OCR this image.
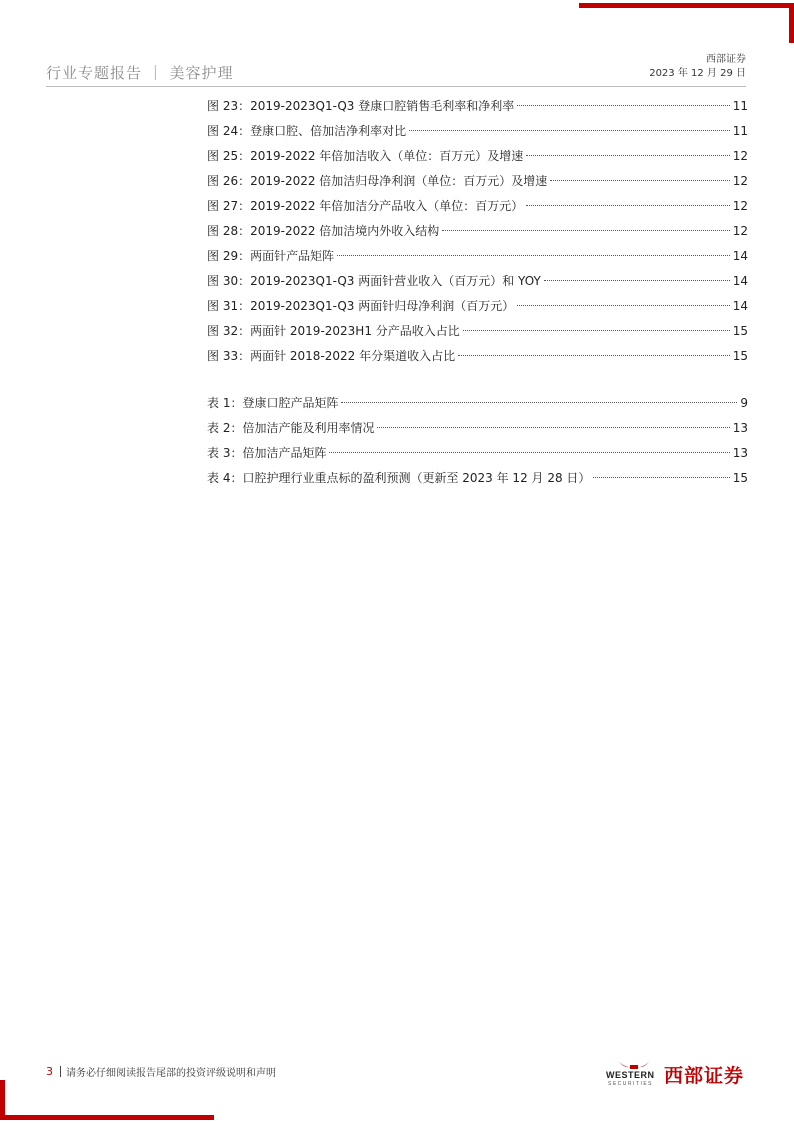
行业专题报告 ｜ 美容护理
西部证券
2023 年 12 月 29 日
图 23：2019-2023Q1-Q3 登康口腔销售毛利率和净利率	11
图 24：登康口腔、倍加洁净利率对比	11
图 25：2019-2022 年倍加洁收入（单位：百万元）及增速	12
图 26：2019-2022 倍加洁归母净利润（单位：百万元）及增速	12
图 27：2019-2022 年倍加洁分产品收入（单位：百万元）	12
图 28：2019-2022 倍加洁境内外收入结构	12
图 29：两面针产品矩阵	14
图 30：2019-2023Q1-Q3 两面针营业收入（百万元）和 YOY	14
图 31：2019-2023Q1-Q3 两面针归母净利润（百万元）	14
图 32：两面针 2019-2023H1 分产品收入占比	15
图 33：两面针 2018-2022 年分渠道收入占比	15
表 1：登康口腔产品矩阵	9
表 2：倍加洁产能及利用率情况	13
表 3：倍加洁产品矩阵	13
表 4：口腔护理行业重点标的盈利预测（更新至 2023 年 12 月 28 日）	15
3 请务必仔细阅读报告尾部的投资评级说明和声明	WESTERN
SECURITIES 西部证券
